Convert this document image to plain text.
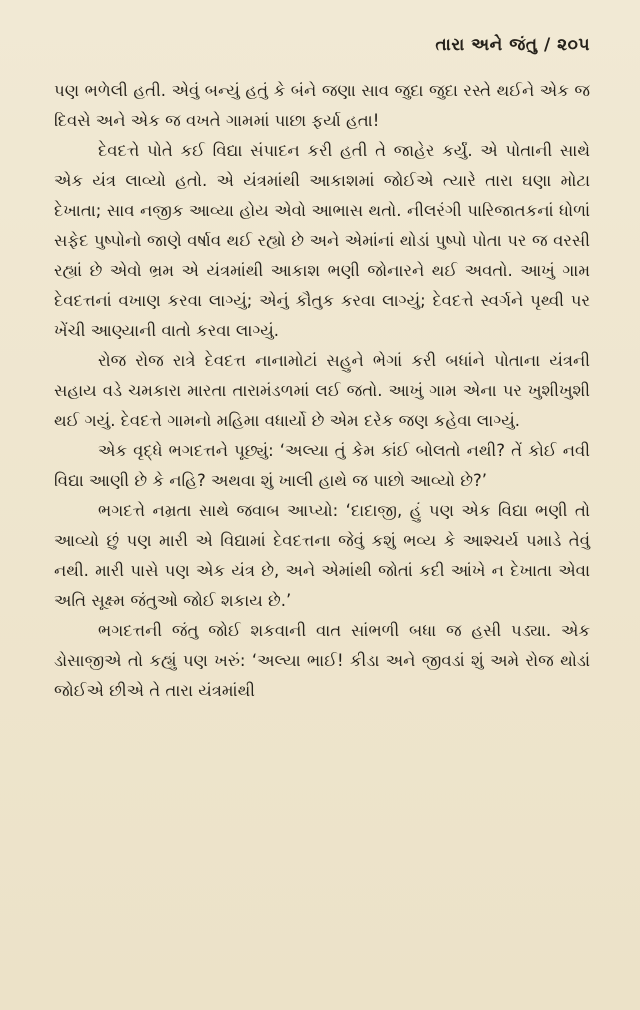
તારા અને જંતુ / ૨૦૫

પણ ભળેલી હતી. એવું બન્યું હતું કે બંને જણા સાવ જુદા જુદા રસ્તે થઈને એક જ દિવસે અને એક જ વખતે ગામમાં પાછા ફર્યા હતા!

દેવદત્તે પોતે કઈ વિદ્યા સંપાદન કરી હતી તે જાહેર કર્યું. એ પોતાની સાથે એક યંત્ર લાવ્યો હતો. એ યંત્રમાંથી આકાશમાં જોઈએ ત્યારે તારા ઘણા મોટા દેખાતા; સાવ નજીક આવ્યા હોય એવો આભાસ થતો. નીલરંગી પારિજાતકનાં ધોળાં સફેદ પુષ્પોનો જાણે વર્ષાવ થઈ રહ્યો છે અને એમાંનાં થોડાં પુષ્પો પોતા પર જ વરસી રહ્યાં છે એવો ભ્રમ એ યંત્રમાંથી આકાશ ભણી જોનારને થઈ અવતો. આખું ગામ દેવદત્તનાં વખાણ કરવા લાગ્યું; એનું કૌતુક કરવા લાગ્યું; દેવદત્તે સ્વર્ગને પૃથ્વી પર ખેંચી આણ્યાની વાતો કરવા લાગ્યું.

રોજ રોજ રાત્રે દેવદત્ત નાનામોટાં સહુને ભેગાં કરી બધાંને પોતાના યંત્રની સહાય વડે ચમકારા મારતા તારામંડળમાં લઈ જતો. આખું ગામ એના પર ખુશીખુશી થઈ ગયું. દેવદત્તે ગામનો મહિમા વધાર્યો છે એમ દરેક જણ કહેવા લાગ્યું.

એક વૃદ્ધે ભગદત્તને પૂછ્યું: ‘અલ્યા તું કેમ કાંઈ બોલતો નથી? તેં કોઈ નવી વિદ્યા આણી છે કે નહિ? અથવા શું ખાલી હાથે જ પાછો આવ્યો છે?’

ભગદત્તે નમ્રતા સાથે જવાબ આપ્યો: ‘દાદાજી, હું પણ એક વિદ્યા ભણી તો આવ્યો છું પણ મારી એ વિદ્યામાં દેવદત્તના જેવું કશું ભવ્ય કે આશ્ચર્ય પમાડે તેવું નથી. મારી પાસે પણ એક યંત્ર છે, અને એમાંથી જોતાં કદી આંખે ન દેખાતા એવા અતિ સૂક્ષ્મ જંતુઓ જોઈ શકાય છે.’

ભગદત્તની જંતુ જોઈ શકવાની વાત સાંભળી બધા જ હસી પડ્યા. એક ડોસાજીએ તો કહ્યું પણ ખરું: ‘અલ્યા ભાઈ! કીડા અને જીવડાં શું અમે રોજ થોડાં જોઈએ છીએ તે તારા યંત્રમાંથી
